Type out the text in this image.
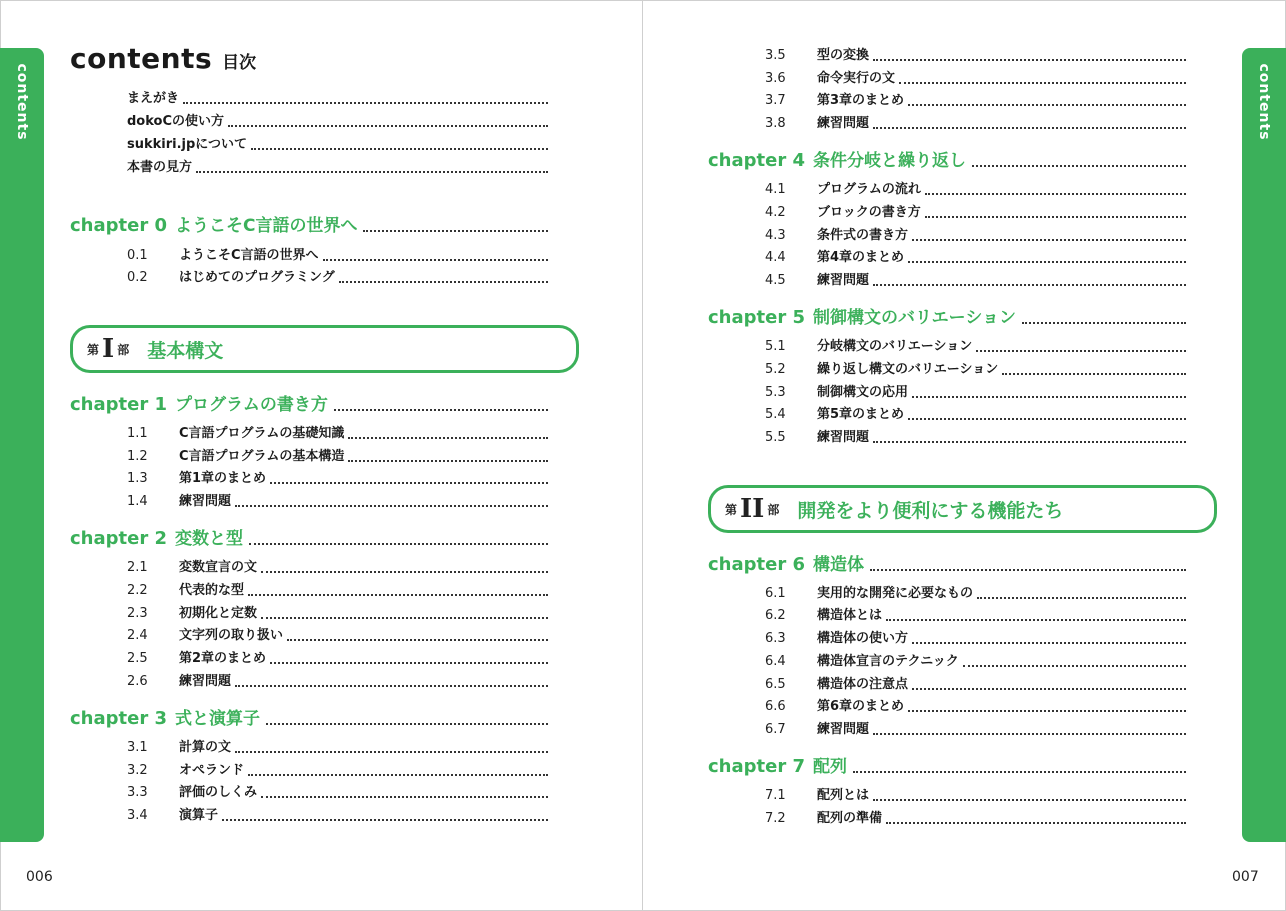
contents	contents
006	007
contents 目次
まえがき
dokoCの使い方
sukkiri.jpについて
本書の見方
chapter 0 ようこそC言語の世界へ
0.1	ようこそC言語の世界へ
0.2	はじめてのプログラミング
第 I 部 基本構文
chapter 1 プログラムの書き方
1.1	C言語プログラムの基礎知識
1.2	C言語プログラムの基本構造
1.3	第1章のまとめ
1.4	練習問題
chapter 2 変数と型
2.1	変数宣言の文
2.2	代表的な型
2.3	初期化と定数
2.4	文字列の取り扱い
2.5	第2章のまとめ
2.6	練習問題
chapter 3 式と演算子
3.1	計算の文
3.2	オペランド
3.3	評価のしくみ
3.4	演算子
3.5	型の変換
3.6	命令実行の文
3.7	第3章のまとめ
3.8	練習問題
chapter 4 条件分岐と繰り返し
4.1	プログラムの流れ
4.2	ブロックの書き方
4.3	条件式の書き方
4.4	第4章のまとめ
4.5	練習問題
chapter 5 制御構文のバリエーション
5.1	分岐構文のバリエーション
5.2	繰り返し構文のバリエーション
5.3	制御構文の応用
5.4	第5章のまとめ
5.5	練習問題
第 II 部 開発をより便利にする機能たち
chapter 6 構造体
6.1	実用的な開発に必要なもの
6.2	構造体とは
6.3	構造体の使い方
6.4	構造体宣言のテクニック
6.5	構造体の注意点
6.6	第6章のまとめ
6.7	練習問題
chapter 7 配列
7.1	配列とは
7.2	配列の準備
